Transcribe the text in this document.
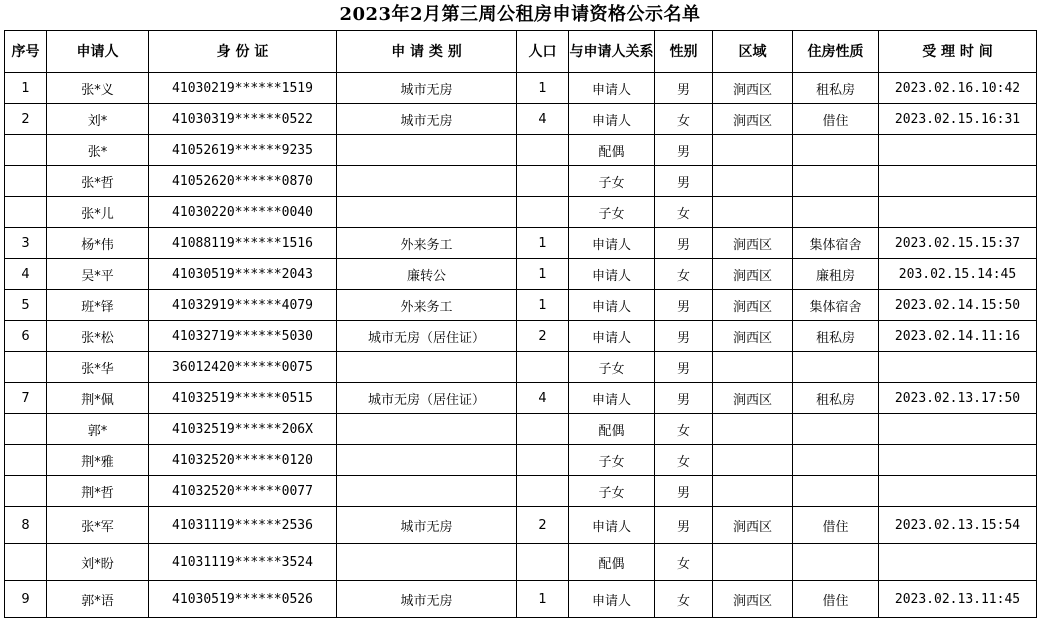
2023年2月第三周公租房申请资格公示名单
序号	申请人	身 份 证	申 请 类 别	人口	与申请人关系	性别	区域	住房性质	受 理 时 间
1	张*义	41030219******1519	城市无房	1	申请人	男	涧西区	租私房	2023.02.16.10:42
2	刘*	41030319******0522	城市无房	4	申请人	女	涧西区	借住	2023.02.15.16:31
	张*	41052619******9235			配偶	男			
	张*哲	41052620******0870			子女	男			
	张*儿	41030220******0040			子女	女			
3	杨*伟	41088119******1516	外来务工	1	申请人	男	涧西区	集体宿舍	2023.02.15.15:37
4	吴*平	41030519******2043	廉转公	1	申请人	女	涧西区	廉租房	203.02.15.14:45
5	班*铎	41032919******4079	外来务工	1	申请人	男	涧西区	集体宿舍	2023.02.14.15:50
6	张*松	41032719******5030	城市无房（居住证）	2	申请人	男	涧西区	租私房	2023.02.14.11:16
	张*华	36012420******0075			子女	男			
7	荆*佩	41032519******0515	城市无房（居住证）	4	申请人	男	涧西区	租私房	2023.02.13.17:50
	郭*	41032519******206X			配偶	女			
	荆*雅	41032520******0120			子女	女			
	荆*哲	41032520******0077			子女	男			
8	张*军	41031119******2536	城市无房	2	申请人	男	涧西区	借住	2023.02.13.15:54
	刘*盼	41031119******3524			配偶	女			
9	郭*语	41030519******0526	城市无房	1	申请人	女	涧西区	借住	2023.02.13.11:45
